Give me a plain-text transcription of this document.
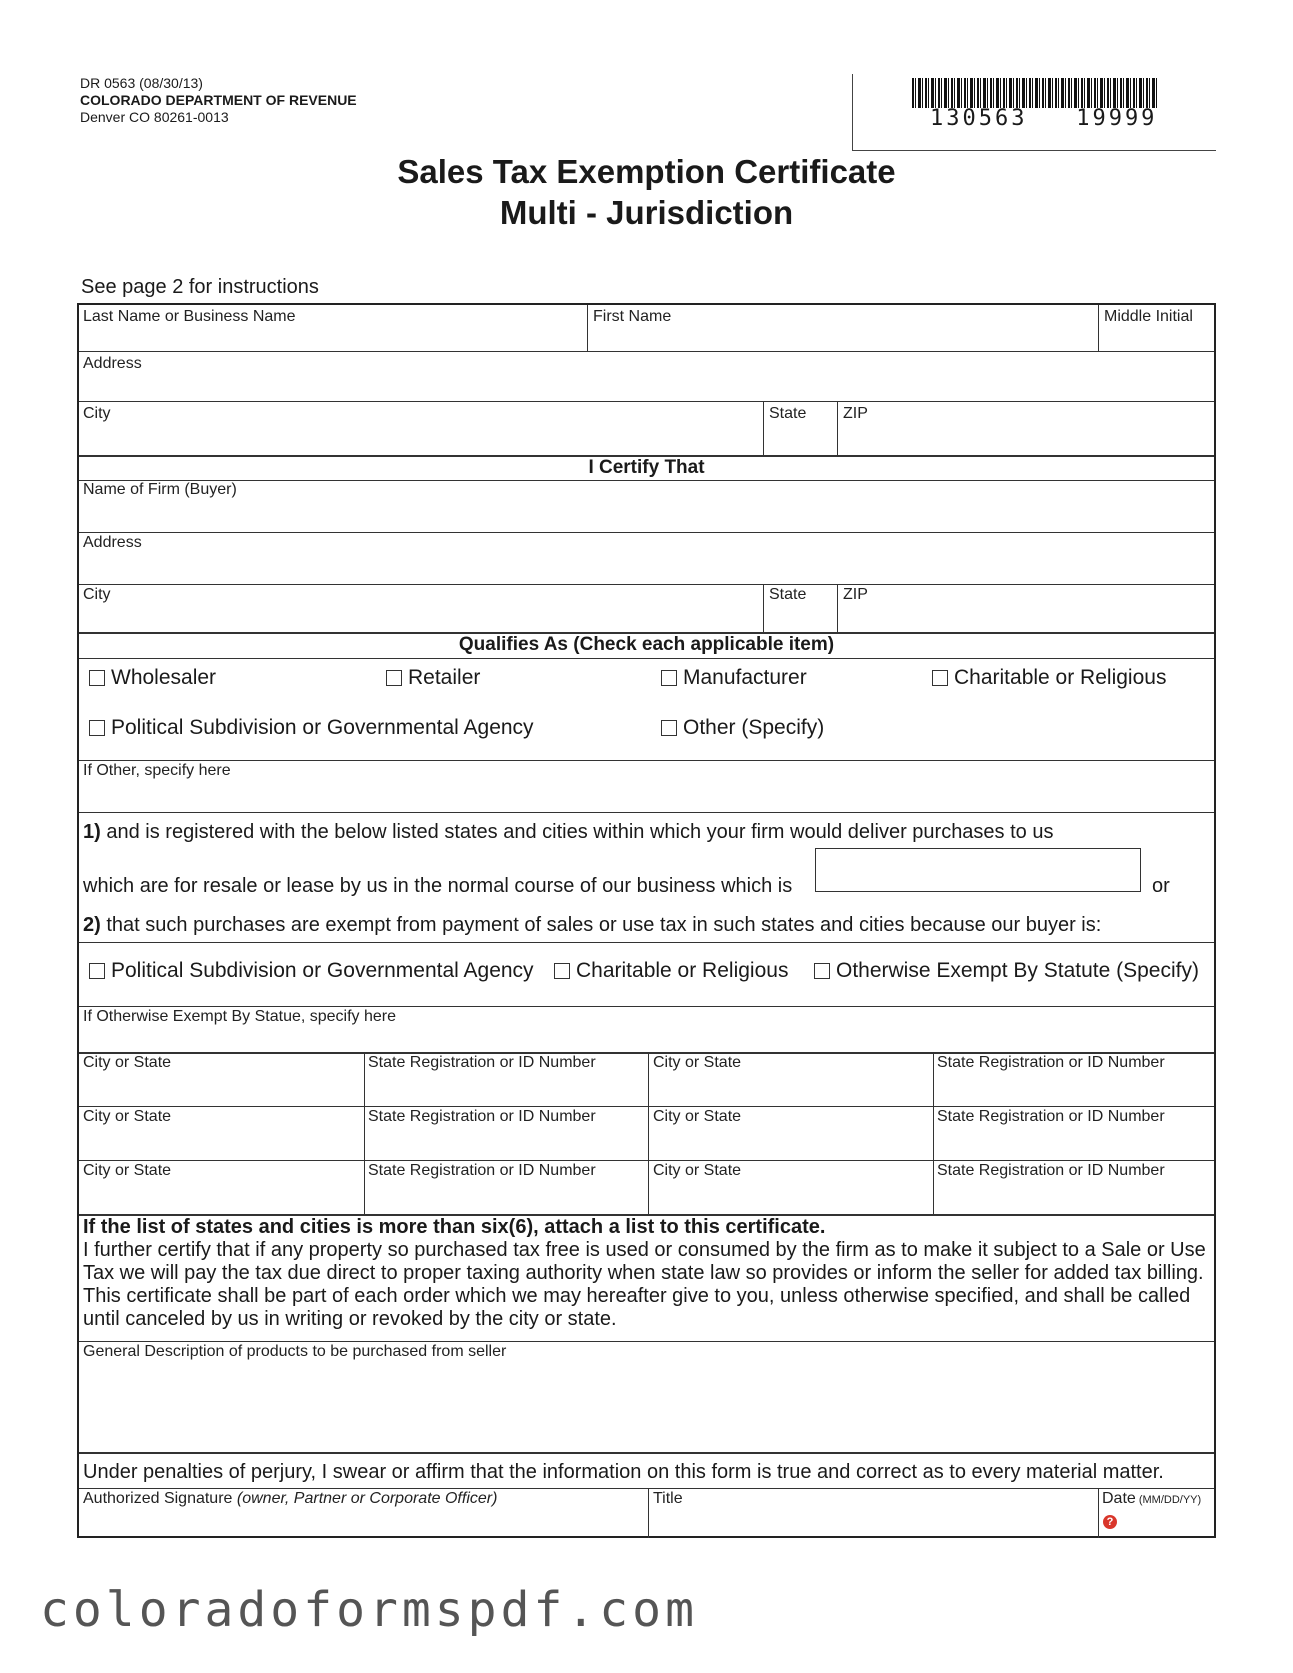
DR 0563 (08/30/13)
COLORADO DEPARTMENT OF REVENUE
Denver CO 80261-0013	130563   19999
Sales Tax Exemption Certificate
Multi - Jurisdiction
See page 2 for instructions
Last Name or Business Name	First Name	Middle Initial
Address
City	State ZIP
I Certify That
Name of Firm (Buyer)
Address
City	State ZIP
Qualifies As (Check each applicable item)
Wholesaler	Retailer	Manufacturer	Charitable or Religious
Political Subdivision or Governmental Agency	Other (Specify)
If Other, specify here
1) and is registered with the below listed states and cities within which your firm would deliver purchases to us
which are for resale or lease by us in the normal course of our business which is	or
2) that such purchases are exempt from payment of sales or use tax in such states and cities because our buyer is:
Political Subdivision or Governmental Agency Charitable or Religious Otherwise Exempt By Statute (Specify)
If Otherwise Exempt By Statue, specify here
City or State	State Registration or ID Number	City or State	State Registration or ID Number
City or State	State Registration or ID Number	City or State	State Registration or ID Number
City or State	State Registration or ID Number	City or State	State Registration or ID Number
If the list of states and cities is more than six(6), attach a list to this certificate.
I further certify that if any property so purchased tax free is used or consumed by the firm as to make it subject to a Sale or Use Tax we will pay the tax due direct to proper taxing authority when state law so provides or inform the seller for added tax billing. This certificate shall be part of each order which we may hereafter give to you, unless otherwise specified, and shall be called until canceled by us in writing or revoked by the city or state.
General Description of products to be purchased from seller
Under penalties of perjury, I swear or affirm that the information on this form is true and correct as to every material matter.
Authorized Signature (owner, Partner or Corporate Officer)	Title	Date (MM/DD/YY)
?
coloradoformspdf.com
